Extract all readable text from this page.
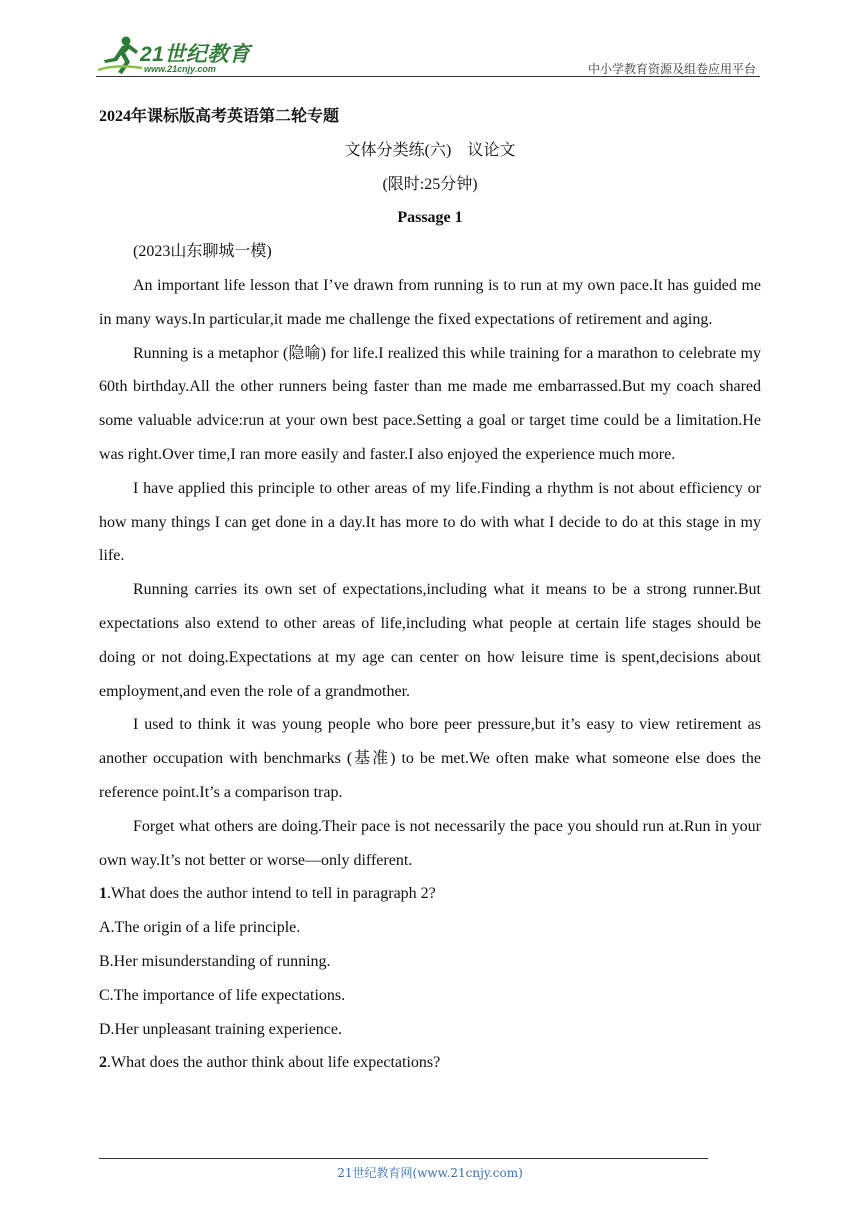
21世纪教育
www.21cnjy.com	中小学教育资源及组卷应用平台

2024年课标版高考英语第二轮专题

文体分类练(六)　议论文

(限时:25分钟)

Passage 1

(2023山东聊城一模)

An important life lesson that I’ve drawn from running is to run at my own pace.It has guided me in many ways.In particular,it made me challenge the fixed expectations of retirement and aging.

Running is a metaphor (隐喻) for life.I realized this while training for a marathon to celebrate my 60th birthday.All the other runners being faster than me made me embarrassed.But my coach shared some valuable advice:run at your own best pace.Setting a goal or target time could be a limitation.He was right.Over time,I ran more easily and faster.I also enjoyed the experience much more.

I have applied this principle to other areas of my life.Finding a rhythm is not about efficiency or how many things I can get done in a day.It has more to do with what I decide to do at this stage in my life.

Running carries its own set of expectations,including what it means to be a strong runner.But expectations also extend to other areas of life,including what people at certain life stages should be doing or not doing.Expectations at my age can center on how leisure time is spent,decisions about employment,and even the role of a grandmother.

I used to think it was young people who bore peer pressure,but it’s easy to view retirement as another occupation with benchmarks (基准) to be met.We often make what someone else does the reference point.It’s a comparison trap.

Forget what others are doing.Their pace is not necessarily the pace you should run at.Run in your own way.It’s not better or worse—only different.

1.What does the author intend to tell in paragraph 2?

A.The origin of a life principle.

B.Her misunderstanding of running.

C.The importance of life expectations.

D.Her unpleasant training experience.

2.What does the author think about life expectations?

21世纪教育网(www.21cnjy.com)
